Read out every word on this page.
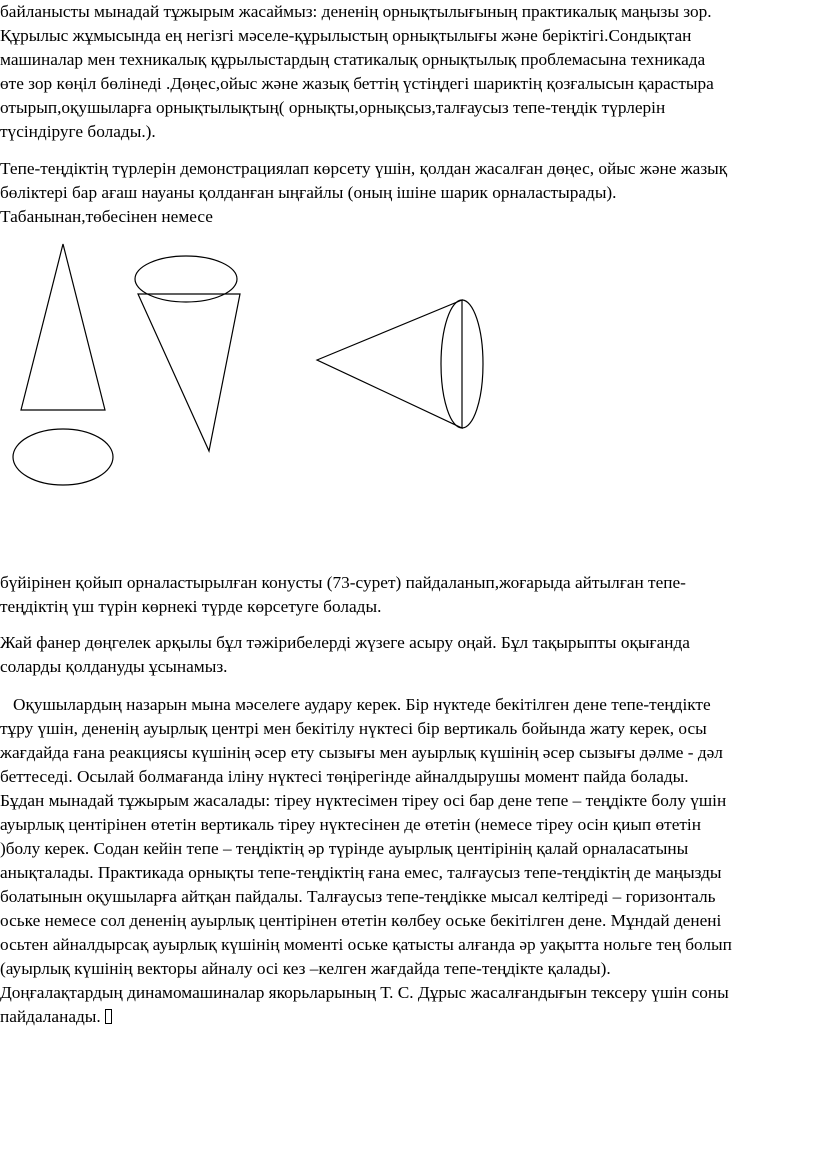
байланысты мынадай тұжырым жасаймыз: дененің орнықтылығының практикалық маңызы зор.
Құрылыс жұмысында ең негізгі мәселе-құрылыстың орнықтылығы және беріктігі.Сондықтан
машиналар мен техникалық құрылыстардың статикалық орнықтылық проблемасына техникада
өте зор көңіл бөлінеді .Дөңес,ойыс және жазық беттің үстіңдегі шариктің қозғалысын қарастыра
отырып,оқушыларға орнықтылықтың( орнықты,орнықсыз,талғаусыз тепе-теңдік түрлерін
түсіндіруге болады.).

Тепе-теңдіктің түрлерін демонстрациялап көрсету үшін, қолдан жасалған дөңес, ойыс және жазық
бөліктері бар ағаш науаны қолданған ыңғайлы (оның ішіне шарик орналастырады).
Табанынан,төбесінен немесе

бүйірінен қойып орналастырылған конусты (73-сурет) пайдаланып,жоғарыда айтылған тепе-
теңдіктің үш түрін көрнекі түрде көрсетуге болады.

Жай фанер дөңгелек арқылы бұл тәжірибелерді жүзеге асыру оңай. Бұл тақырыпты оқығанда
соларды қолдануды ұсынамыз.

Оқушылардың назарын мына мәселеге аудару керек. Бір нүктеде бекітілген дене тепе-теңдікте
тұру үшін, дененің ауырлық центрі мен бекітілу нүктесі бір вертикаль бойында жату керек, осы
жағдайда ғана реакциясы күшінің әсер ету сызығы мен ауырлық күшінің әсер сызығы дәлме - дәл
беттеседі. Осылай болмағанда іліну нүктесі төңірегінде айналдырушы момент пайда болады.
Бұдан мынадай тұжырым жасалады: тіреу нүктесімен тіреу осі бар дене тепе – теңдікте болу үшін
ауырлық центірінен өтетін вертикаль тіреу нүктесінен де өтетін (немесе тіреу осін қиып өтетін
)болу керек. Содан кейін тепе – теңдіктің әр түрінде ауырлық центірінің қалай орналасатыны
анықталады. Практикада орнықты тепе-теңдіктің ғана емес, талғаусыз тепе-теңдіктің де маңызды
болатынын оқушыларға айтқан пайдалы. Талғаусыз тепе-теңдікке мысал келтіреді – горизонталь
оське немесе сол дененің ауырлық центірінен өтетін көлбеу оське бекітілген дене. Мұндай денені
осьтен айналдырсақ ауырлық күшінің моменті оське қатысты алғанда әр уақытта нольге тең болып
(ауырлық күшінің векторы айналу осі кез –келген жағдайда тепе-теңдікте қалады).
Доңғалақтардың динамомашиналар якорьларының Т. С. Дұрыс жасалғандығын тексеру үшін соны
пайдаланады.
